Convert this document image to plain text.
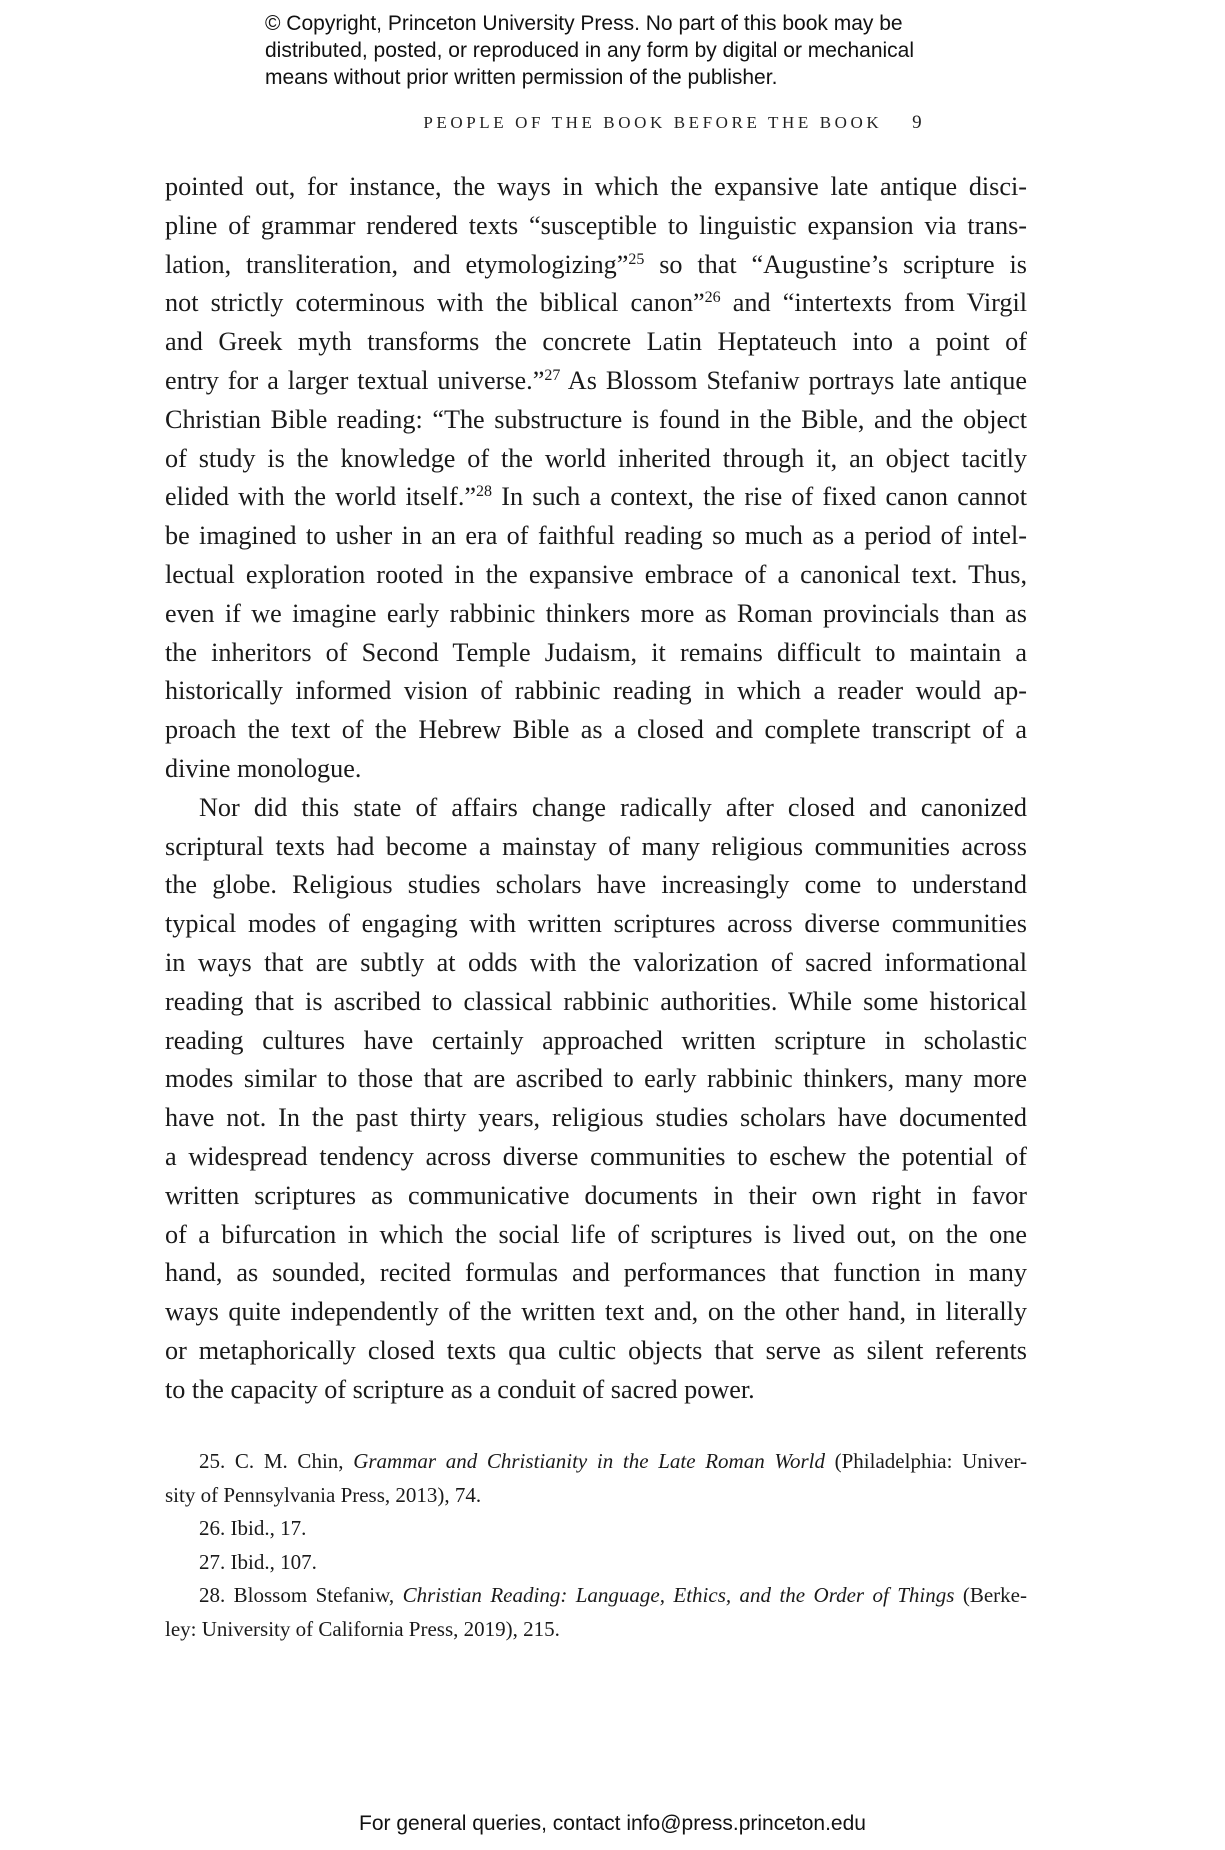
© Copyright, Princeton University Press. No part of this book may be
distributed, posted, or reproduced in any form by digital or mechanical
means without prior written permission of the publisher.
PEOPLE OF THE BOOK BEFORE THE BOOK 9

pointed out, for instance, the ways in which the expansive late antique disci-
pline of grammar rendered texts “susceptible to linguistic expansion via trans-
lation, transliteration, and etymologizing”$^{25}$ so that “Augustine’s scripture is
not strictly coterminous with the biblical canon”$^{26}$ and “intertexts from Virgil
and Greek myth transforms the concrete Latin Heptateuch into a point of
entry for a larger textual universe.”$^{27}$ As Blossom Stefaniw portrays late antique
Christian Bible reading: “The substructure is found in the Bible, and the object
of study is the knowledge of the world inherited through it, an object tacitly
elided with the world itself.”$^{28}$ In such a context, the rise of fixed canon cannot
be imagined to usher in an era of faithful reading so much as a period of intel-
lectual exploration rooted in the expansive embrace of a canonical text. Thus,
even if we imagine early rabbinic thinkers more as Roman provincials than as
the inheritors of Second Temple Judaism, it remains difficult to maintain a
historically informed vision of rabbinic reading in which a reader would ap-
proach the text of the Hebrew Bible as a closed and complete transcript of a
divine monologue.

Nor did this state of affairs change radically after closed and canonized
scriptural texts had become a mainstay of many religious communities across
the globe. Religious studies scholars have increasingly come to understand
typical modes of engaging with written scriptures across diverse communities
in ways that are subtly at odds with the valorization of sacred informational
reading that is ascribed to classical rabbinic authorities. While some historical
reading cultures have certainly approached written scripture in scholastic
modes similar to those that are ascribed to early rabbinic thinkers, many more
have not. In the past thirty years, religious studies scholars have documented
a widespread tendency across diverse communities to eschew the potential of
written scriptures as communicative documents in their own right in favor
of a bifurcation in which the social life of scriptures is lived out, on the one
hand, as sounded, recited formulas and performances that function in many
ways quite independently of the written text and, on the other hand, in literally
or metaphorically closed texts qua cultic objects that serve as silent referents
to the capacity of scripture as a conduit of sacred power.

25. C. M. Chin, Grammar and Christianity in the Late Roman World (Philadelphia: Univer-
sity of Pennsylvania Press, 2013), 74.
26. Ibid., 17.
27. Ibid., 107.
28. Blossom Stefaniw, Christian Reading: Language, Ethics, and the Order of Things (Berke-
ley: University of California Press, 2019), 215.
For general queries, contact info@press.princeton.edu
